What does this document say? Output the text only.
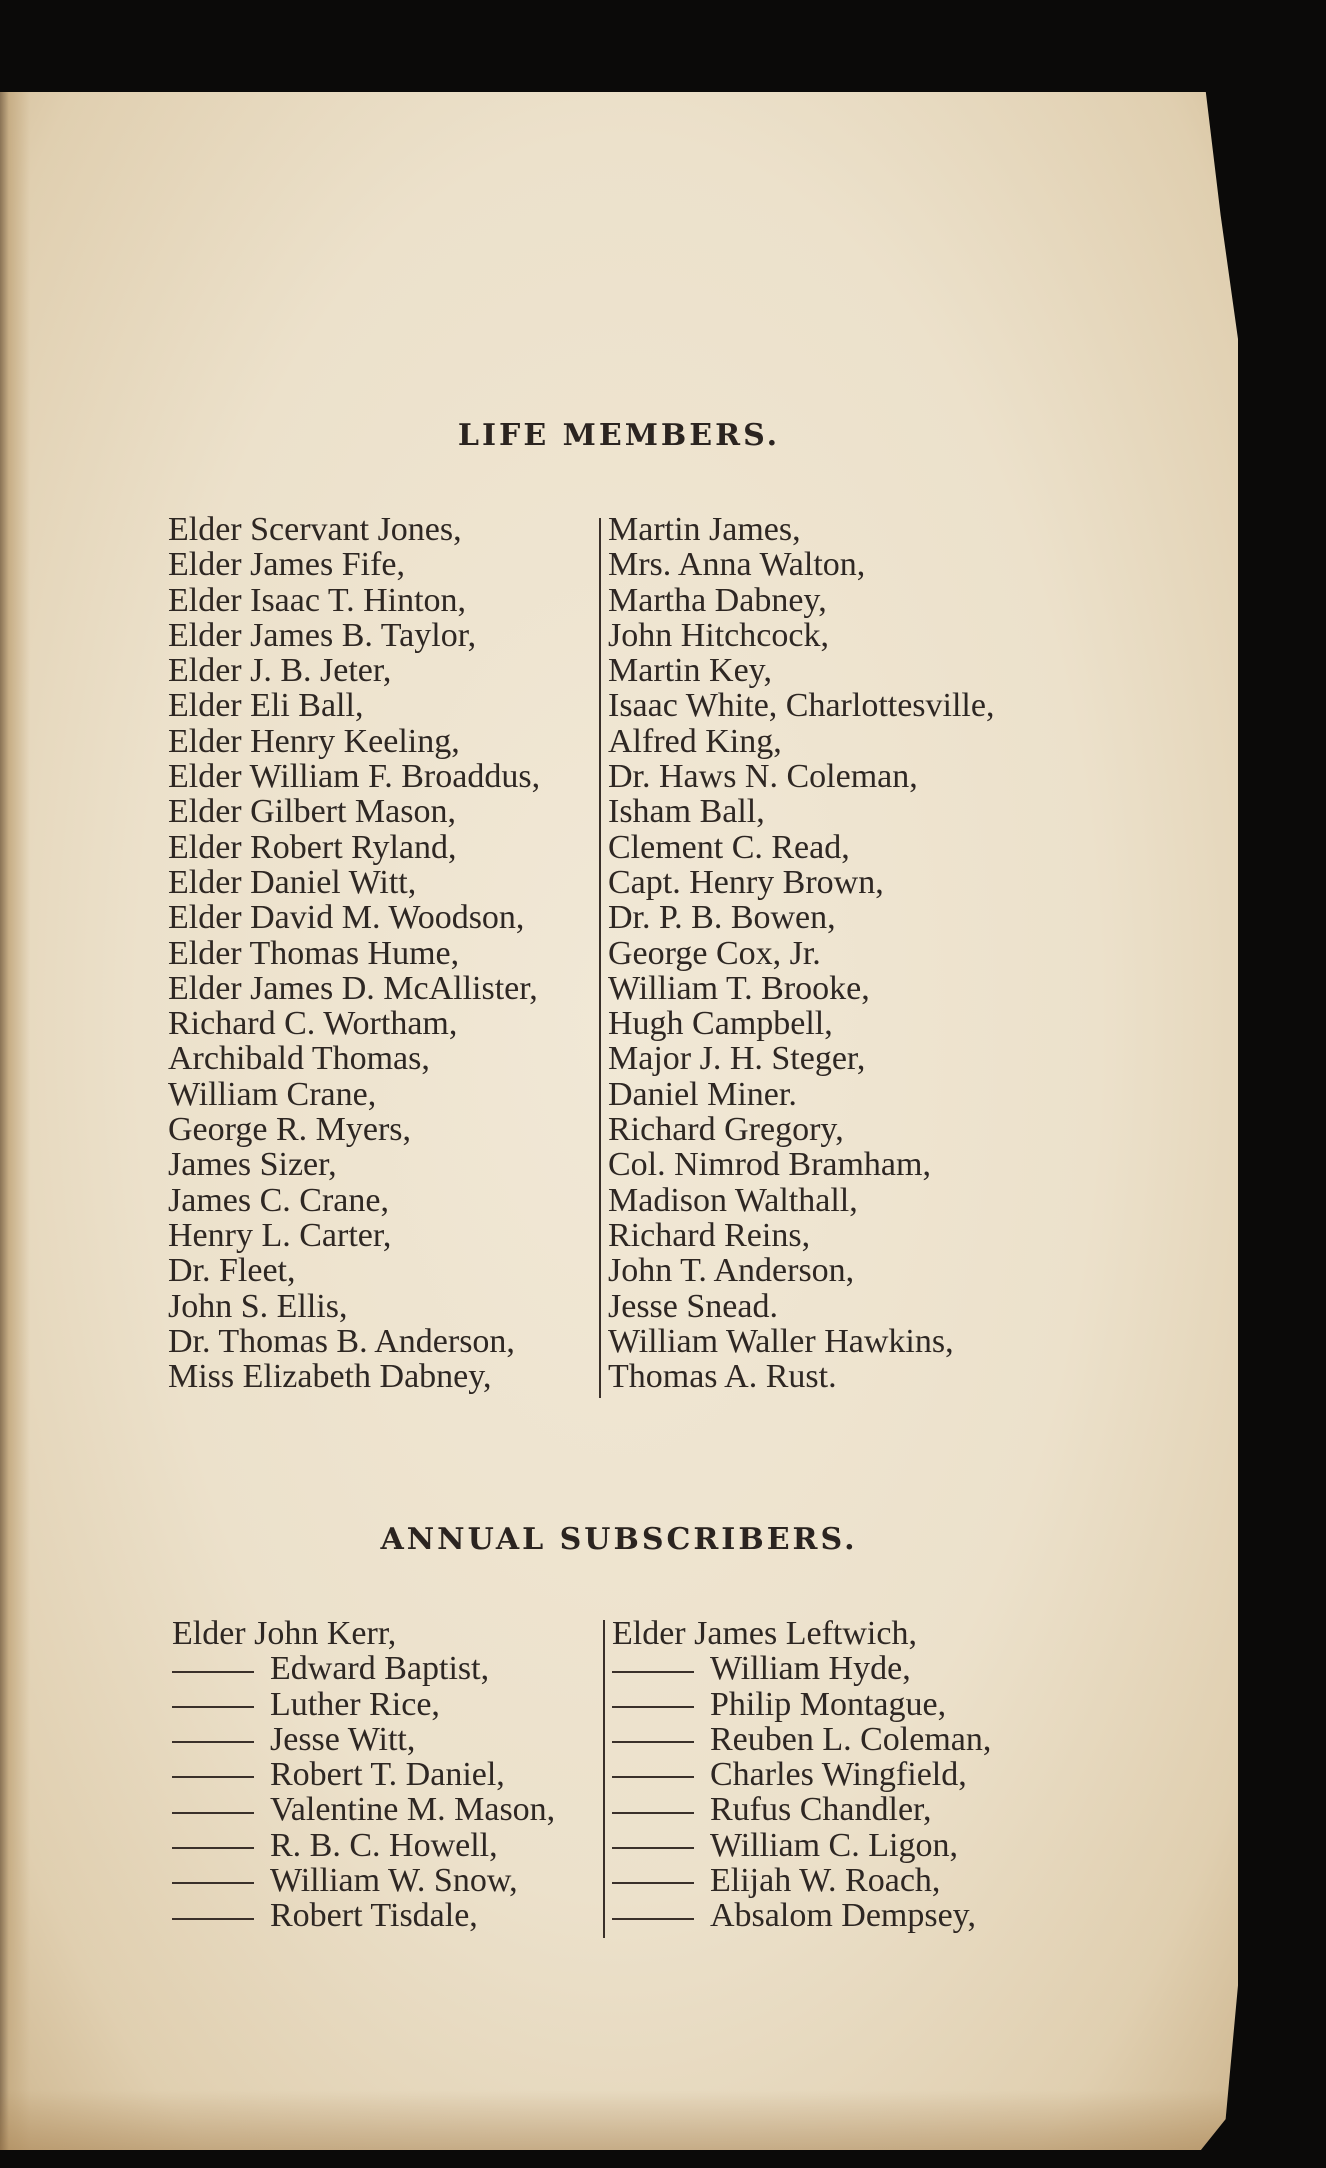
LIFE MEMBERS.
Elder Scervant Jones,
Elder James Fife,
Elder Isaac T. Hinton,
Elder James B. Taylor,
Elder J. B. Jeter,
Elder Eli Ball,
Elder Henry Keeling,
Elder William F. Broaddus,
Elder Gilbert Mason,
Elder Robert Ryland,
Elder Daniel Witt,
Elder David M. Woodson,
Elder Thomas Hume,
Elder James D. McAllister,
Richard C. Wortham,
Archibald Thomas,
William Crane,
George R. Myers,
James Sizer,
James C. Crane,
Henry L. Carter,
Dr. Fleet,
John S. Ellis,
Dr. Thomas B. Anderson,
Miss Elizabeth Dabney,
Martin James,
Mrs. Anna Walton,
Martha Dabney,
John Hitchcock,
Martin Key,
Isaac White, Charlottesville,
Alfred King,
Dr. Haws N. Coleman,
Isham Ball,
Clement C. Read,
Capt. Henry Brown,
Dr. P. B. Bowen,
George Cox, Jr.
William T. Brooke,
Hugh Campbell,
Major J. H. Steger,
Daniel Miner.
Richard Gregory,
Col. Nimrod Bramham,
Madison Walthall,
Richard Reins,
John T. Anderson,
Jesse Snead.
William Waller Hawkins,
Thomas A. Rust.
ANNUAL SUBSCRIBERS.
Elder John Kerr,
Edward Baptist,
Luther Rice,
Jesse Witt,
Robert T. Daniel,
Valentine M. Mason,
R. B. C. Howell,
William W. Snow,
Robert Tisdale,
Elder James Leftwich,
William Hyde,
Philip Montague,
Reuben L. Coleman,
Charles Wingfield,
Rufus Chandler,
William C. Ligon,
Elijah W. Roach,
Absalom Dempsey,
